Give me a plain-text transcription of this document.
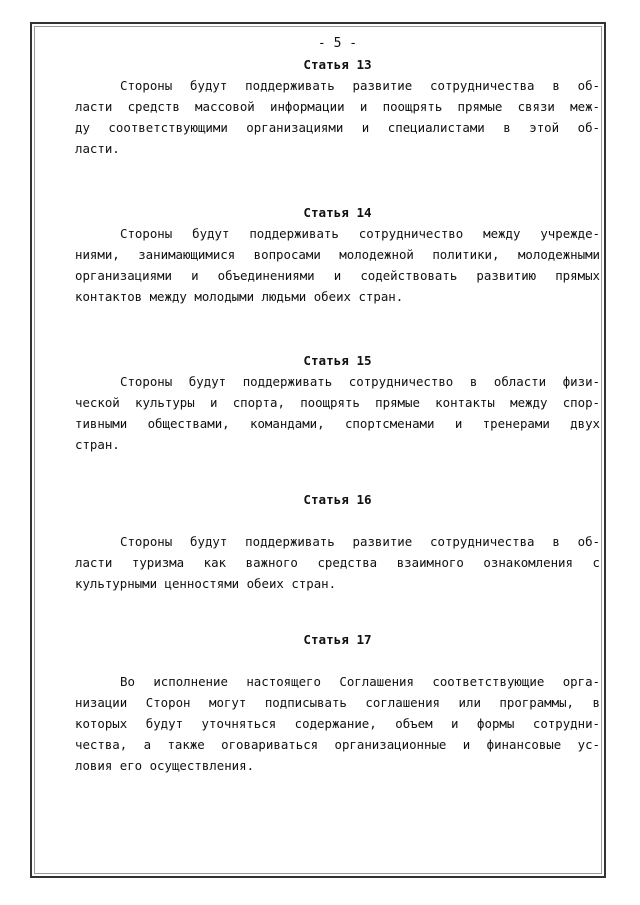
- 5 -

Статья 13

Стороны будут поддерживать развитие сотрудничества в об-
ласти средств массовой информации и поощрять прямые связи меж-
ду соответствующими организациями и специалистами в этой об-
ласти.

Статья 14

Стороны будут поддерживать сотрудничество между учрежде-
ниями, занимающимися вопросами молодежной политики, молодежными
организациями и объединениями и содействовать развитию прямых
контактов между молодыми людьми обеих стран.

Статья 15

Стороны будут поддерживать сотрудничество в области физи-
ческой культуры и спорта, поощрять прямые контакты между спор-
тивными обществами, командами, спортсменами и тренерами двух
стран.

Статья 16

Стороны будут поддерживать развитие сотрудничества в об-
ласти туризма как важного средства взаимного ознакомления с
культурными ценностями обеих стран.

Статья 17

Во исполнение настоящего Соглашения соответствующие орга-
низации Сторон могут подписывать соглашения или программы, в
которых будут уточняться содержание, объем и формы сотрудни-
чества, а также оговариваться организационные и финансовые ус-
ловия его осуществления.
